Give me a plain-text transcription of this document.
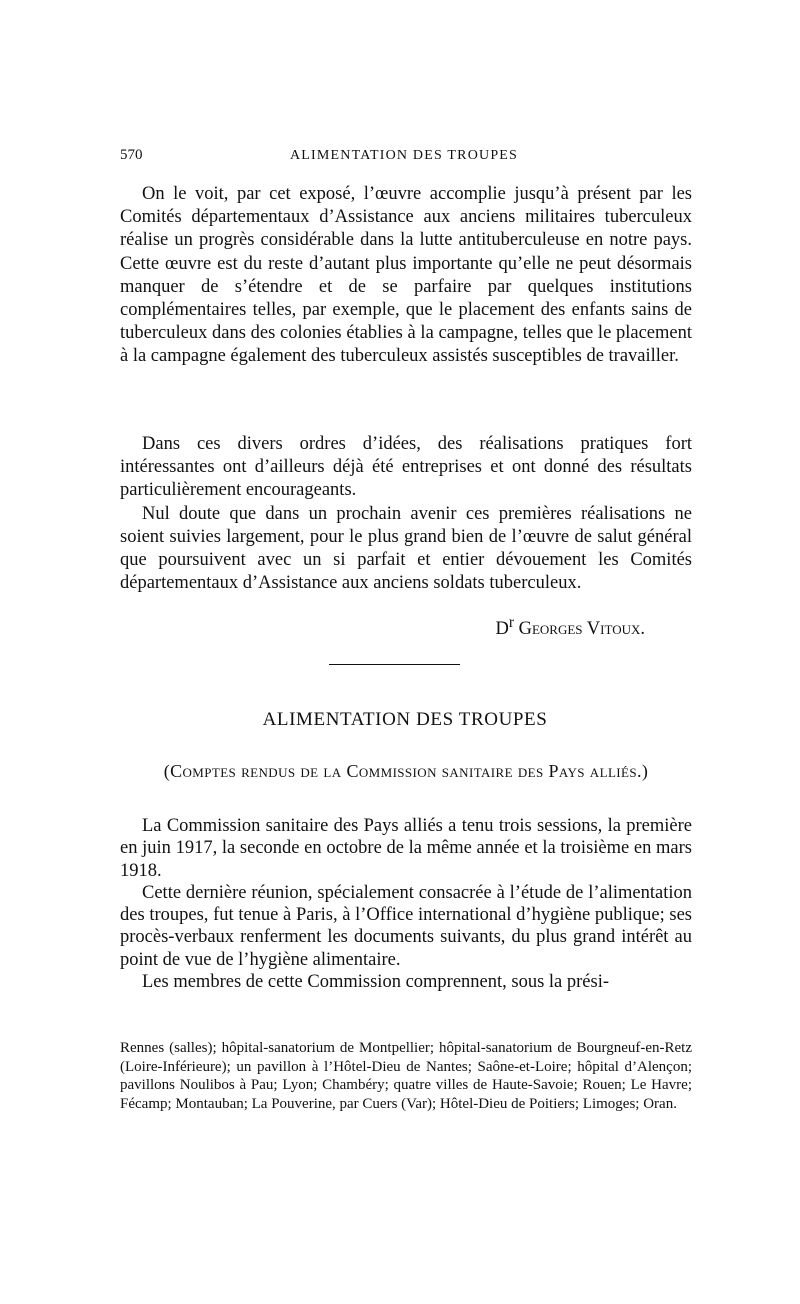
570	ALIMENTATION DES TROUPES

On le voit, par cet exposé, l’œuvre accomplie jusqu’à présent par les Comités départementaux d’Assistance aux anciens militaires tuberculeux réalise un progrès considérable dans la lutte antituberculeuse en notre pays. Cette œuvre est du reste d’autant plus importante qu’elle ne peut désormais manquer de s’étendre et de se parfaire par quelques institutions complémentaires telles, par exemple, que le placement des enfants sains de tuberculeux dans des colonies établies à la campagne, telles que le placement à la campagne également des tuberculeux assistés susceptibles de travailler.

Dans ces divers ordres d’idées, des réalisations pratiques fort intéressantes ont d’ailleurs déjà été entreprises et ont donné des résultats particulièrement encourageants.

Nul doute que dans un prochain avenir ces premières réalisations ne soient suivies largement, pour le plus grand bien de l’œuvre de salut général que poursuivent avec un si parfait et entier dévouement les Comités départementaux d’Assistance aux anciens soldats tuberculeux.

$D^r$ Georges Vitoux.
ALIMENTATION DES TROUPES
(Comptes rendus de la Commission sanitaire des Pays alliés.)

La Commission sanitaire des Pays alliés a tenu trois sessions, la première en juin 1917, la seconde en octobre de la même année et la troisième en mars 1918.

Cette dernière réunion, spécialement consacrée à l’étude de l’alimentation des troupes, fut tenue à Paris, à l’Office international d’hygiène publique; ses procès-verbaux renferment les documents suivants, du plus grand intérêt au point de vue de l’hygiène alimentaire.

Les membres de cette Commission comprennent, sous la prési-

Rennes (salles); hôpital-sanatorium de Montpellier; hôpital-sanatorium de Bourgneuf-en-Retz (Loire-Inférieure); un pavillon à l’Hôtel-Dieu de Nantes; Saône-et-Loire; hôpital d’Alençon; pavillons Noulibos à Pau; Lyon; Chambéry; quatre villes de Haute-Savoie; Rouen; Le Havre; Fécamp; Montauban; La Pouverine, par Cuers (Var); Hôtel-Dieu de Poitiers; Limoges; Oran.
